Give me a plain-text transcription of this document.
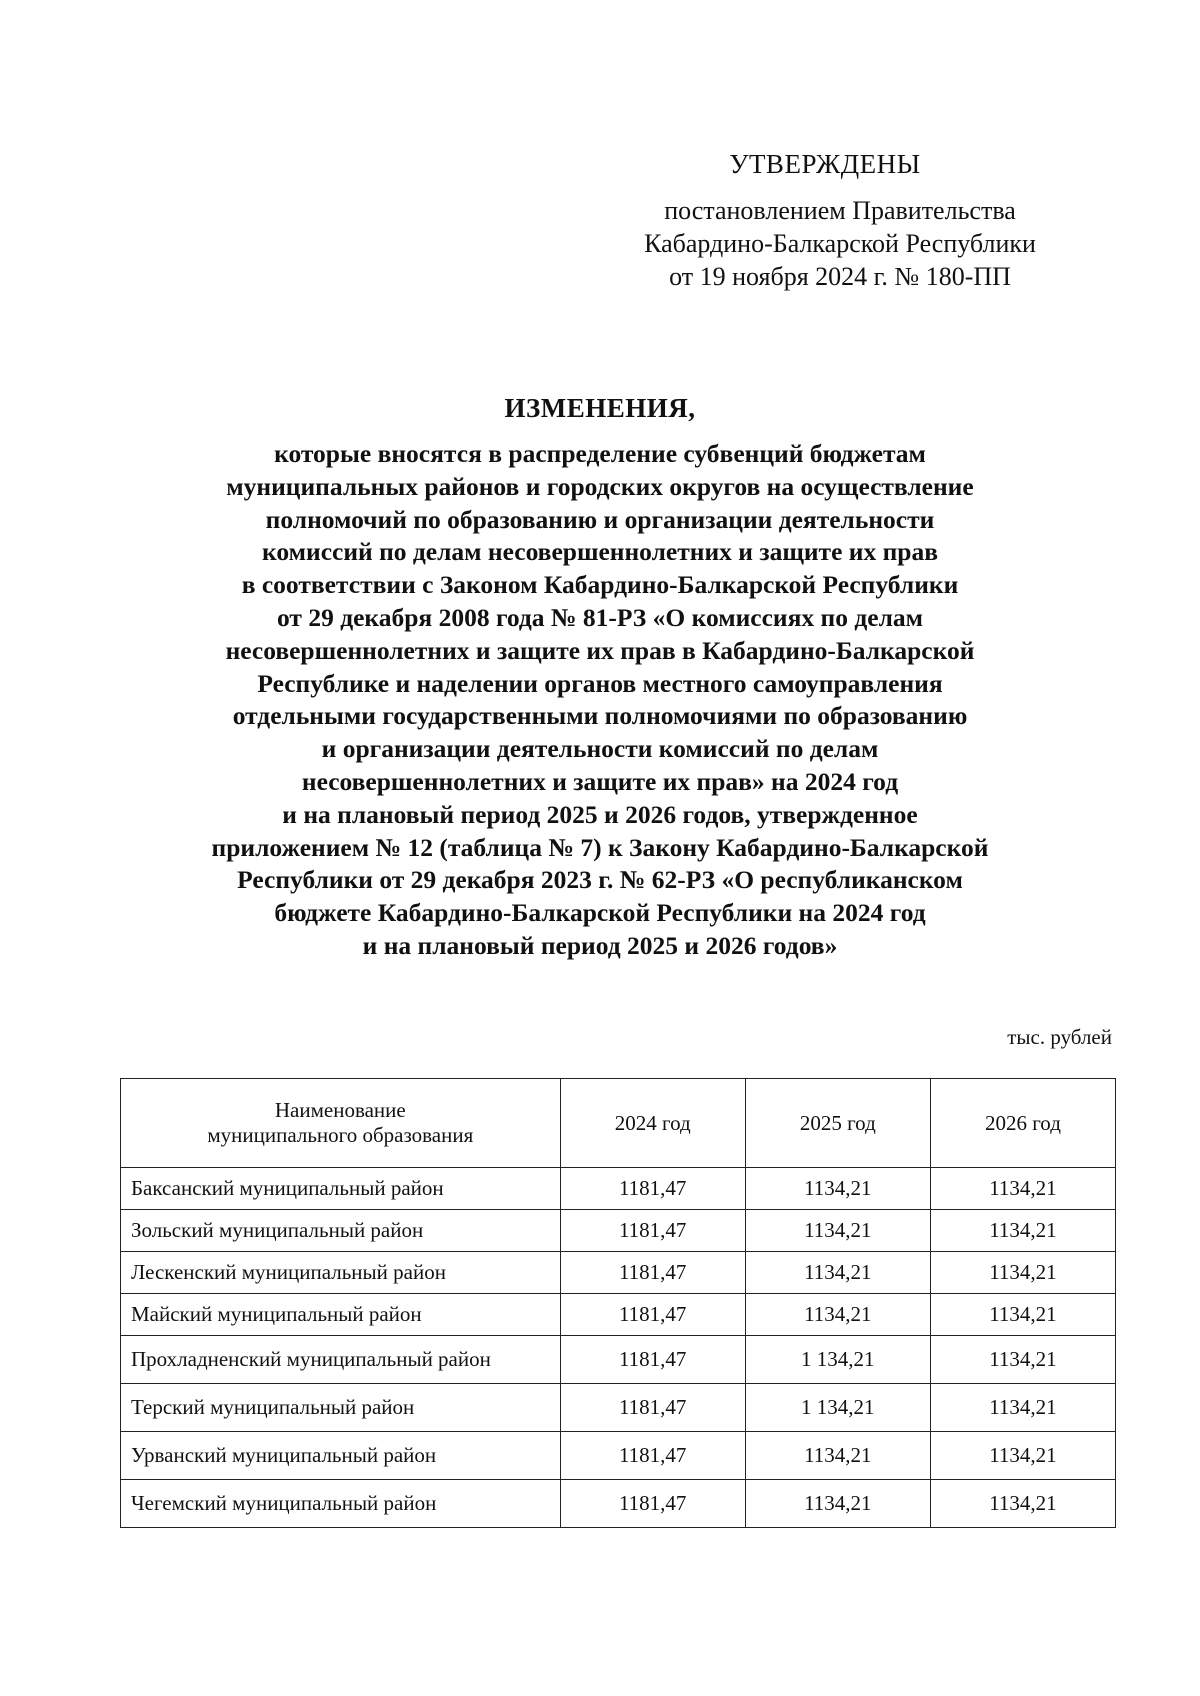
УТВЕРЖДЕНЫ
постановлением Правительства
Кабардино-Балкарской Республики
от 19 ноября 2024 г. № 180-ПП
ИЗМЕНЕНИЯ,
которые вносятся в распределение субвенций бюджетам
муниципальных районов и городских округов на осуществление
полномочий по образованию и организации деятельности
комиссий по делам несовершеннолетних и защите их прав
в соответствии с Законом Кабардино-Балкарской Республики
от 29 декабря 2008 года № 81-РЗ «О комиссиях по делам
несовершеннолетних и защите их прав в Кабардино-Балкарской
Республике и наделении органов местного самоуправления
отдельными государственными полномочиями по образованию
и организации деятельности комиссий по делам
несовершеннолетних и защите их прав» на 2024 год
и на плановый период 2025 и 2026 годов, утвержденное
приложением № 12 (таблица № 7) к Закону Кабардино-Балкарской
Республики от 29 декабря 2023 г. № 62-РЗ «О республиканском
бюджете Кабардино-Балкарской Республики на 2024 год
и на плановый период 2025 и 2026 годов»
тыс. рублей
Наименование
муниципального образования	2024 год	2025 год	2026 год
Баксанский муниципальный район	1181,47	1134,21	1134,21
Зольский муниципальный район	1181,47	1134,21	1134,21
Лескенский муниципальный район	1181,47	1134,21	1134,21
Майский муниципальный район	1181,47	1134,21	1134,21
Прохладненский муниципальный район	1181,47	1 134,21	1134,21
Терский муниципальный район	1181,47	1 134,21	1134,21
Урванский муниципальный район	1181,47	1134,21	1134,21
Чегемский муниципальный район	1181,47	1134,21	1134,21
